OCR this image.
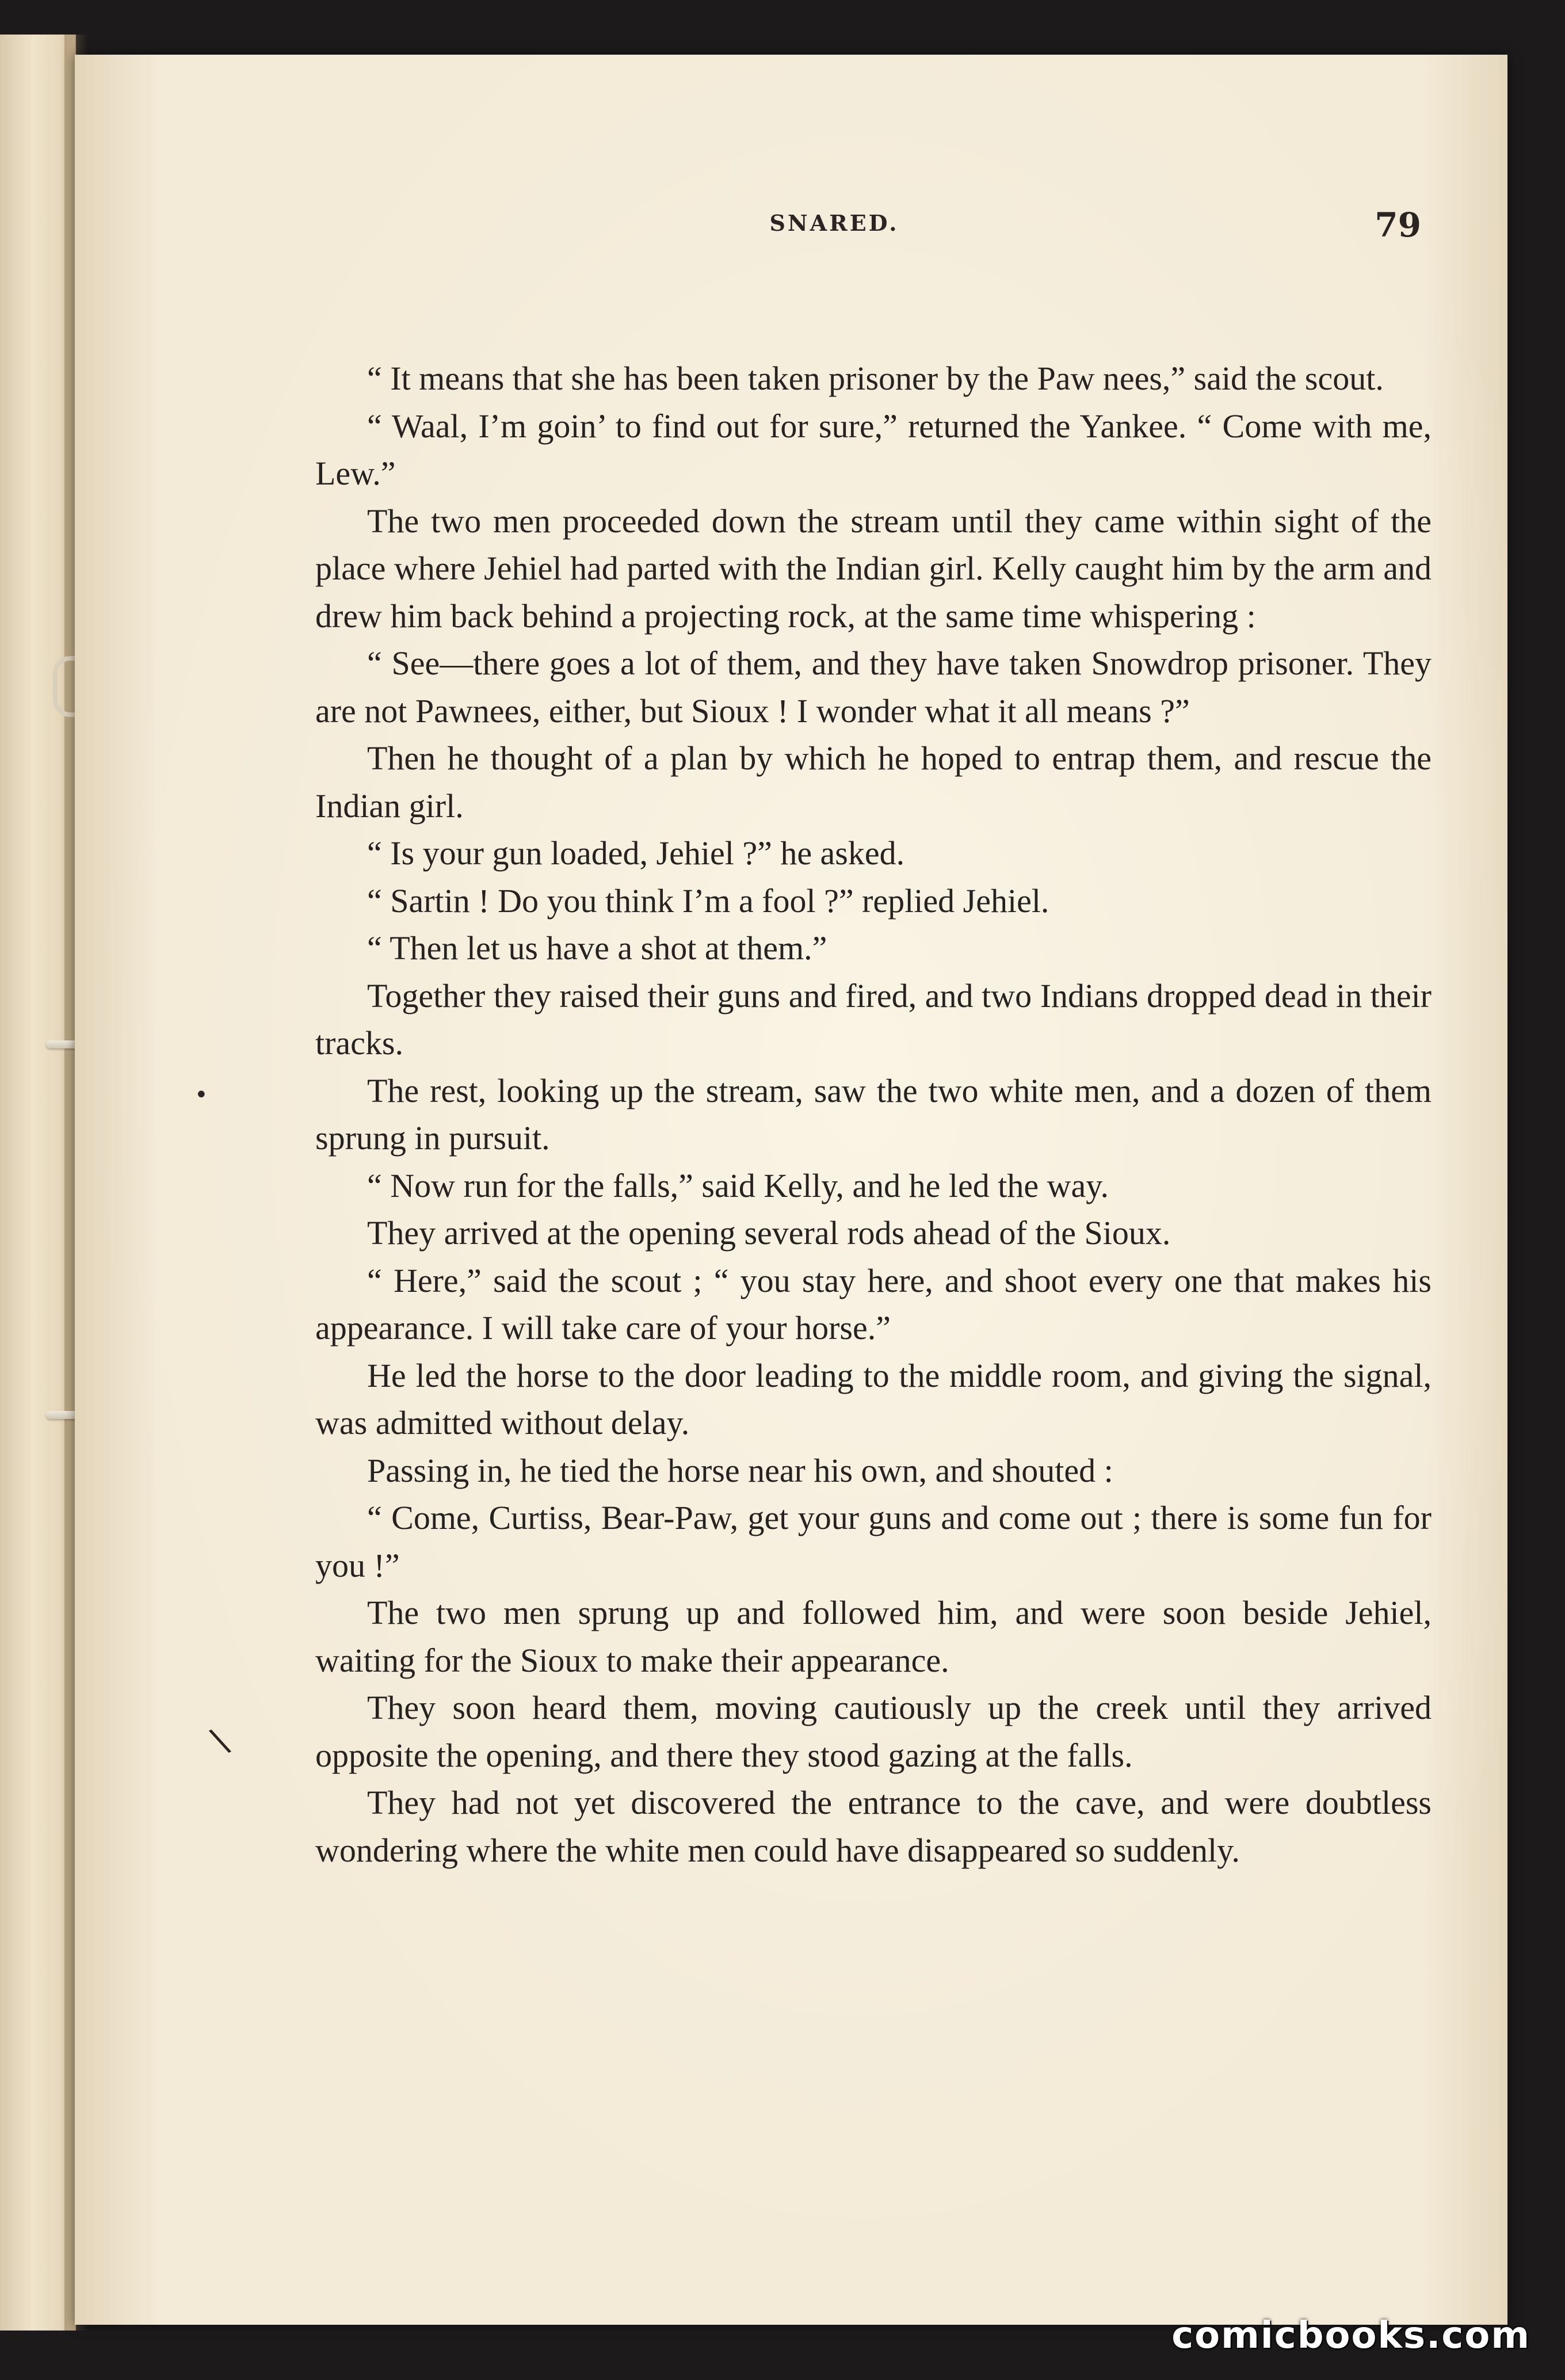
SNARED.	79

“ It means that she has been taken prisoner by the Paw nees,” said the scout.

“ Waal, I’m goin’ to find out for sure,” returned the Yankee. “ Come with me, Lew.”

The two men proceeded down the stream until they came within sight of the place where Jehiel had parted with the Indian girl. Kelly caught him by the arm and drew him back behind a projecting rock, at the same time whispering :

“ See—there goes a lot of them, and they have taken Snowdrop prisoner. They are not Pawnees, either, but Sioux ! I wonder what it all means ?”

Then he thought of a plan by which he hoped to entrap them, and rescue the Indian girl.

“ Is your gun loaded, Jehiel ?” he asked.

“ Sartin ! Do you think I’m a fool ?” replied Jehiel.

“ Then let us have a shot at them.”

Together they raised their guns and fired, and two Indians dropped dead in their tracks.

The rest, looking up the stream, saw the two white men, and a dozen of them sprung in pursuit.

“ Now run for the falls,” said Kelly, and he led the way.

They arrived at the opening several rods ahead of the Sioux.

“ Here,” said the scout ; “ you stay here, and shoot every one that makes his appearance. I will take care of your horse.”

He led the horse to the door leading to the middle room, and giving the signal, was admitted without delay.

Passing in, he tied the horse near his own, and shouted :

“ Come, Curtiss, Bear-Paw, get your guns and come out ; there is some fun for you !”

The two men sprung up and followed him, and were soon beside Jehiel, waiting for the Sioux to make their appearance.

They soon heard them, moving cautiously up the creek until they arrived opposite the opening, and there they stood gazing at the falls.

They had not yet discovered the entrance to the cave, and were doubtless wondering where the white men could have disappeared so suddenly.

•
\
comicbooks.com
